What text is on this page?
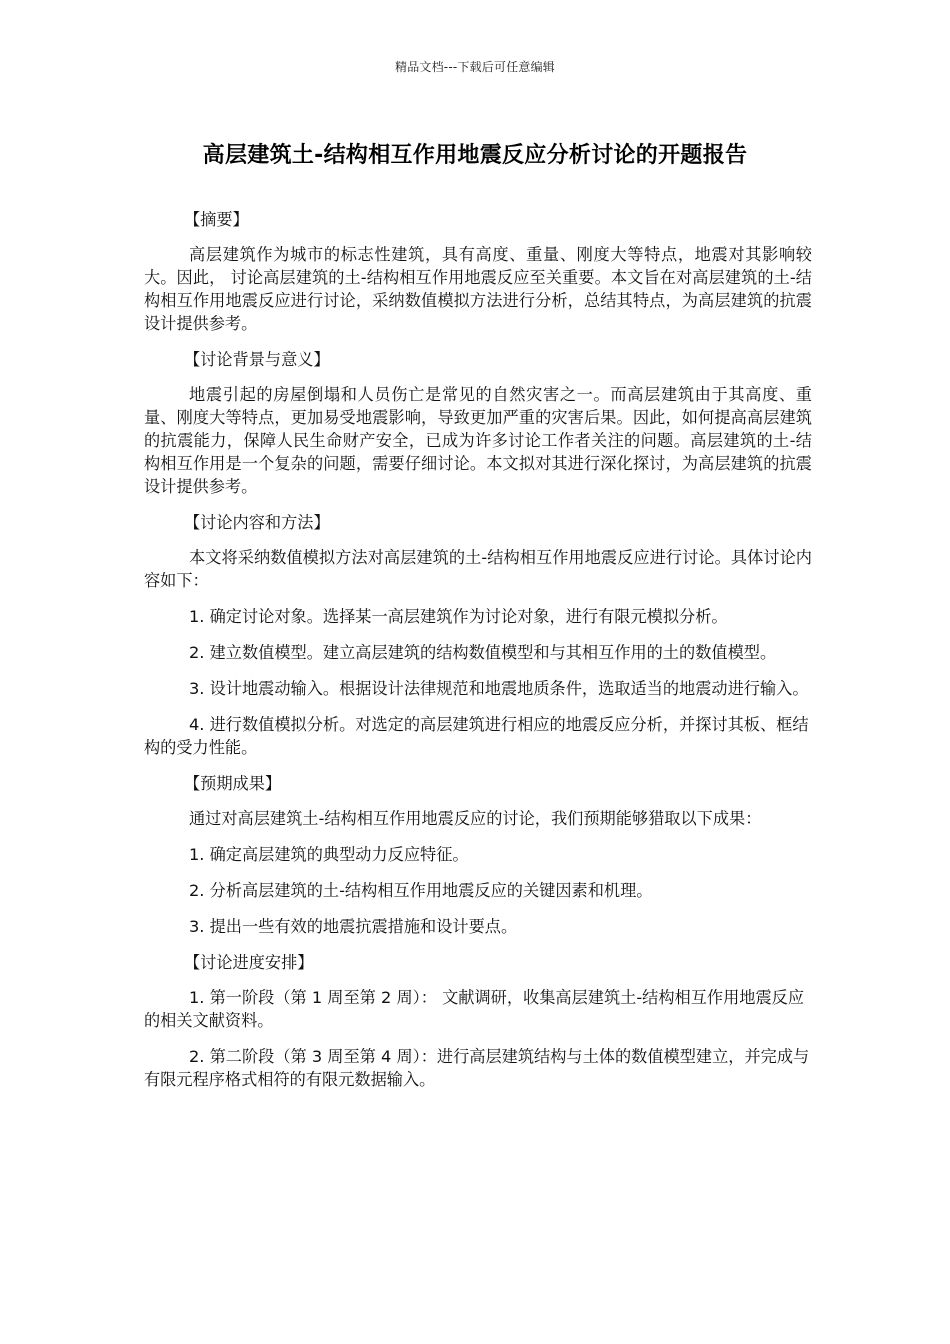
精品文档---下载后可任意编辑
高层建筑土-结构相互作用地震反应分析讨论的开题报告
【摘要】

高层建筑作为城市的标志性建筑，具有高度、重量、刚度大等特点，地震对其影响较大。因此， 讨论高层建筑的土-结构相互作用地震反应至关重要。本文旨在对高层建筑的土-结构相互作用地震反应进行讨论，采纳数值模拟方法进行分析，总结其特点，为高层建筑的抗震设计提供参考。

【讨论背景与意义】

地震引起的房屋倒塌和人员伤亡是常见的自然灾害之一。而高层建筑由于其高度、重量、刚度大等特点，更加易受地震影响，导致更加严重的灾害后果。因此，如何提高高层建筑的抗震能力，保障人民生命财产安全，已成为许多讨论工作者关注的问题。高层建筑的土-结构相互作用是一个复杂的问题，需要仔细讨论。本文拟对其进行深化探讨，为高层建筑的抗震设计提供参考。

【讨论内容和方法】

本文将采纳数值模拟方法对高层建筑的土-结构相互作用地震反应进行讨论。具体讨论内容如下：

1. 确定讨论对象。选择某一高层建筑作为讨论对象，进行有限元模拟分析。

2. 建立数值模型。建立高层建筑的结构数值模型和与其相互作用的土的数值模型。

3. 设计地震动输入。根据设计法律规范和地震地质条件，选取适当的地震动进行输入。

4. 进行数值模拟分析。对选定的高层建筑进行相应的地震反应分析，并探讨其板、框结构的受力性能。

【预期成果】

通过对高层建筑土-结构相互作用地震反应的讨论，我们预期能够猎取以下成果：

1. 确定高层建筑的典型动力反应特征。

2. 分析高层建筑的土-结构相互作用地震反应的关键因素和机理。

3. 提出一些有效的地震抗震措施和设计要点。

【讨论进度安排】

1. 第一阶段（第 1 周至第 2 周）： 文献调研，收集高层建筑土-结构相互作用地震反应的相关文献资料。

2. 第二阶段（第 3 周至第 4 周）：进行高层建筑结构与土体的数值模型建立，并完成与有限元程序格式相符的有限元数据输入。
